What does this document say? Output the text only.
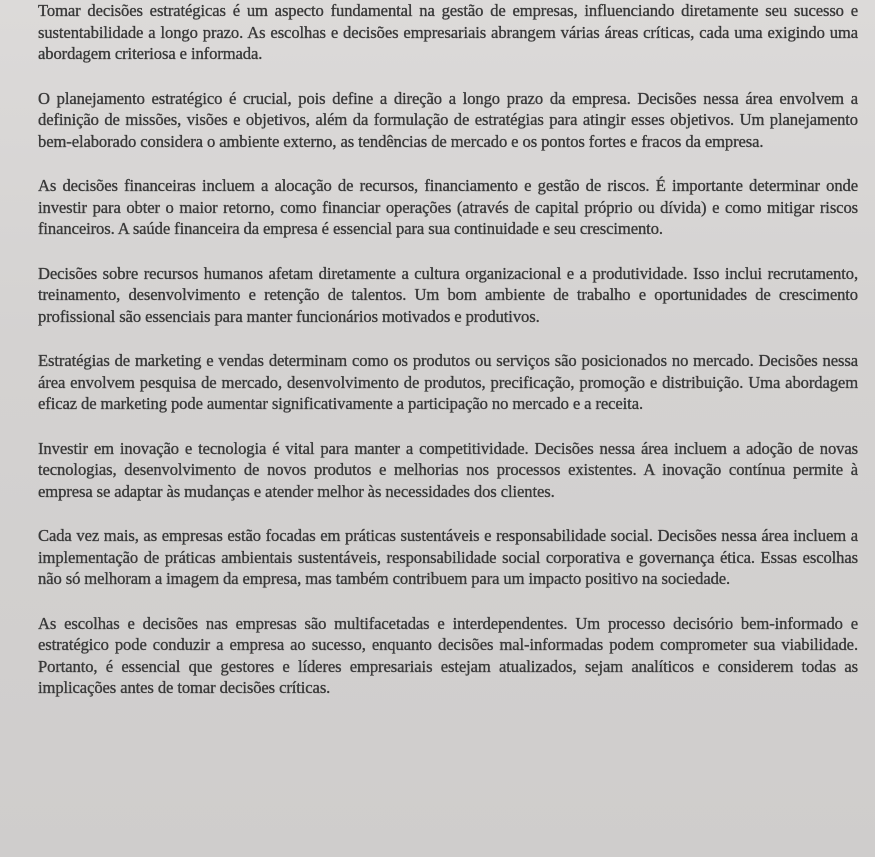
Tomar decisões estratégicas é um aspecto fundamental na gestão de empresas, influenciando diretamente seu sucesso e sustentabilidade a longo prazo. As escolhas e decisões empresariais abrangem várias áreas críticas, cada uma exigindo uma abordagem criteriosa e informada.

O planejamento estratégico é crucial, pois define a direção a longo prazo da empresa. Decisões nessa área envolvem a definição de missões, visões e objetivos, além da formulação de estratégias para atingir esses objetivos. Um planejamento bem-elaborado considera o ambiente externo, as tendências de mercado e os pontos fortes e fracos da empresa.

As decisões financeiras incluem a alocação de recursos, financiamento e gestão de riscos. É importante determinar onde investir para obter o maior retorno, como financiar operações (através de capital próprio ou dívida) e como mitigar riscos financeiros. A saúde financeira da empresa é essencial para sua continuidade e seu crescimento.

Decisões sobre recursos humanos afetam diretamente a cultura organizacional e a produtividade. Isso inclui recrutamento, treinamento, desenvolvimento e retenção de talentos. Um bom ambiente de trabalho e oportunidades de crescimento profissional são essenciais para manter funcionários motivados e produtivos.

Estratégias de marketing e vendas determinam como os produtos ou serviços são posicionados no mercado. Decisões nessa área envolvem pesquisa de mercado, desenvolvimento de produtos, precificação, promoção e distribuição. Uma abordagem eficaz de marketing pode aumentar significativamente a participação no mercado e a receita.

Investir em inovação e tecnologia é vital para manter a competitividade. Decisões nessa área incluem a adoção de novas tecnologias, desenvolvimento de novos produtos e melhorias nos processos existentes. A inovação contínua permite à empresa se adaptar às mudanças e atender melhor às necessidades dos clientes.

Cada vez mais, as empresas estão focadas em práticas sustentáveis e responsabilidade social. Decisões nessa área incluem a implementação de práticas ambientais sustentáveis, responsabilidade social corporativa e governança ética. Essas escolhas não só melhoram a imagem da empresa, mas também contribuem para um impacto positivo na sociedade.

As escolhas e decisões nas empresas são multifacetadas e interdependentes. Um processo decisório bem-informado e estratégico pode conduzir a empresa ao sucesso, enquanto decisões mal-informadas podem comprometer sua viabilidade. Portanto, é essencial que gestores e líderes empresariais estejam atualizados, sejam analíticos e considerem todas as implicações antes de tomar decisões críticas.
